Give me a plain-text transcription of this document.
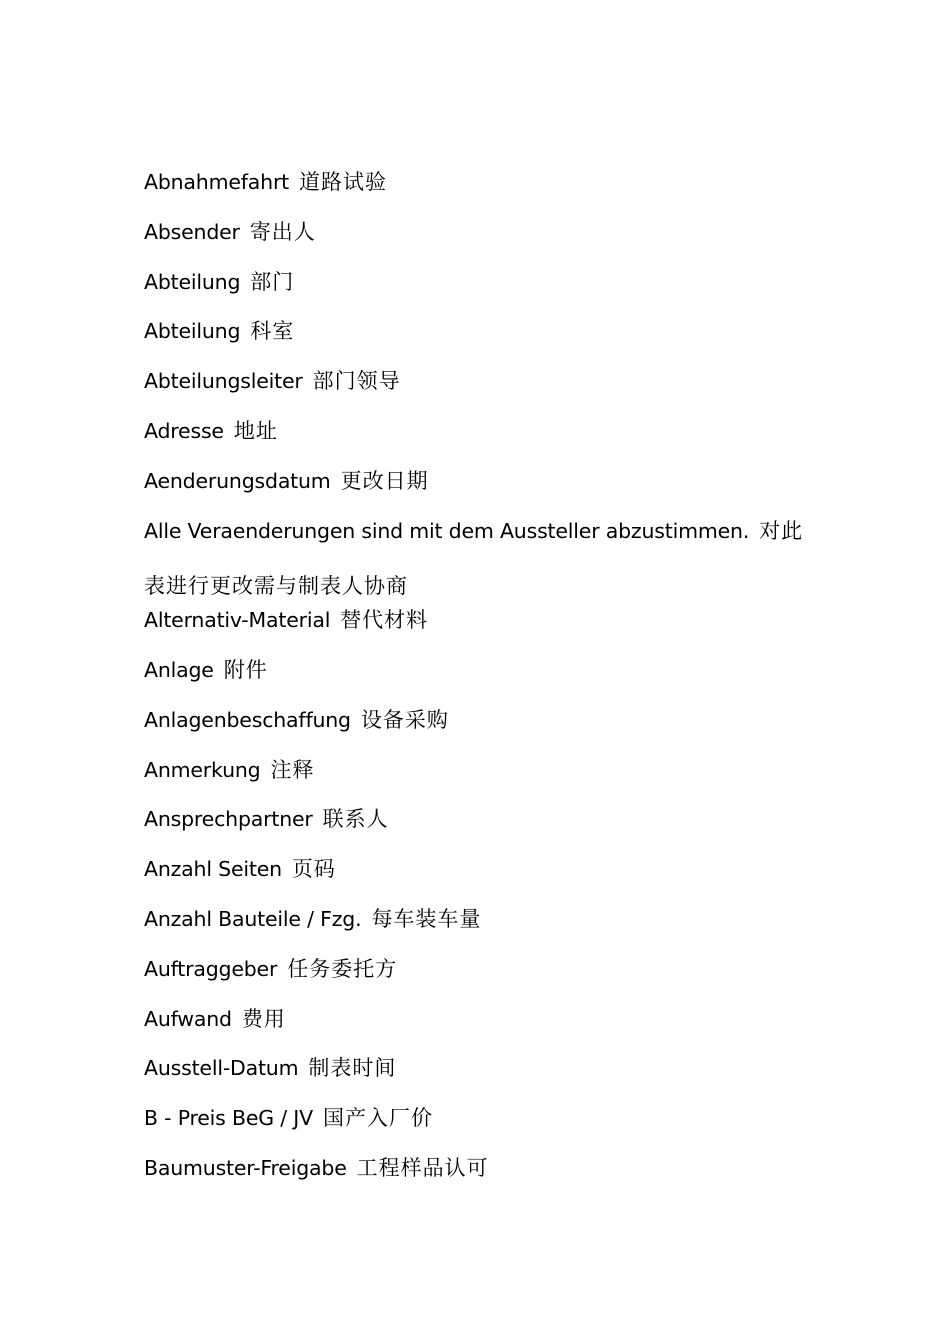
Abnahmefahrt 道路试验
Absender 寄出人
Abteilung 部门
Abteilung 科室
Abteilungsleiter 部门领导
Adresse 地址
Aenderungsdatum 更改日期
Alle Veraenderungen sind mit dem Aussteller abzustimmen. 对此表进行更改需与制表人协商
Alternativ-Material 替代材料
Anlage 附件
Anlagenbeschaffung 设备采购
Anmerkung 注释
Ansprechpartner 联系人
Anzahl Seiten 页码
Anzahl Bauteile / Fzg. 每车装车量
Auftraggeber 任务委托方
Aufwand 费用
Ausstell-Datum 制表时间
B - Preis BeG / JV 国产入厂价
Baumuster-Freigabe 工程样品认可
